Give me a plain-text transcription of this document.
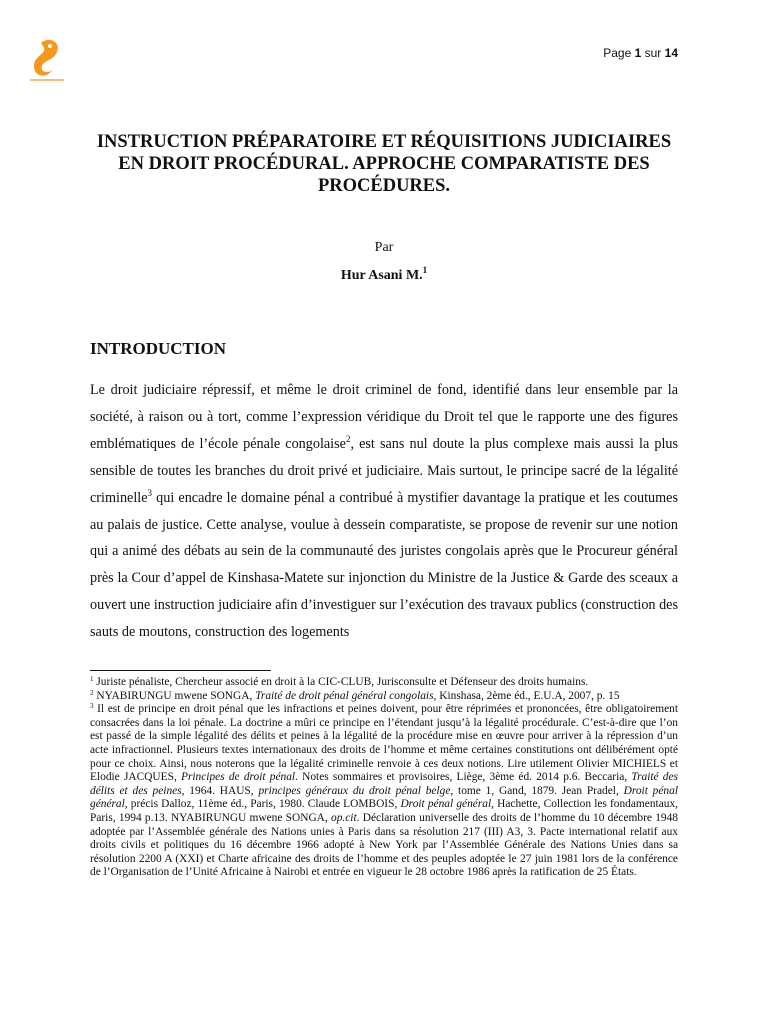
Page 1 sur 14
INSTRUCTION PRÉPARATOIRE ET RÉQUISITIONS JUDICIAIRES EN DROIT PROCÉDURAL. APPROCHE COMPARATISTE DES PROCÉDURES.
Par
Hur Asani M.$^1$
INTRODUCTION
Le droit judiciaire répressif, et même le droit criminel de fond, identifié dans leur ensemble par la société, à raison ou à tort, comme l’expression véridique du Droit tel que le rapporte une des figures emblématiques de l’école pénale congolaise$^2$, est sans nul doute la plus complexe mais aussi la plus sensible de toutes les branches du droit privé et judiciaire. Mais surtout, le principe sacré de la légalité criminelle$^3$ qui encadre le domaine pénal a contribué à mystifier davantage la pratique et les coutumes au palais de justice. Cette analyse, voulue à dessein comparatiste, se propose de revenir sur une notion qui a animé des débats au sein de la communauté des juristes congolais après que le Procureur général près la Cour d’appel de Kinshasa-Matete sur injonction du Ministre de la Justice & Garde des sceaux a ouvert une instruction judiciaire afin d’investiguer sur l’exécution des travaux publics (construction des sauts de moutons, construction des logements

$^1$ Juriste pénaliste, Chercheur associé en droit à la CIC-CLUB, Jurisconsulte et Défenseur des droits humains.

$^2$ NYABIRUNGU mwene SONGA, Traité de droit pénal général congolais, Kinshasa, 2ème éd., E.U.A, 2007, p. 15

$^3$ Il est de principe en droit pénal que les infractions et peines doivent, pour être réprimées et prononcées, être obligatoirement consacrées dans la loi pénale. La doctrine a mûri ce principe en l’étendant jusqu’à la légalité procédurale. C’est-à-dire que l’on est passé de la simple légalité des délits et peines à la légalité de la procédure mise en œuvre pour arriver à la répression d’un acte infractionnel. Plusieurs textes internationaux des droits de l’homme et même certaines constitutions ont délibérément opté pour ce choix. Ainsi, nous noterons que la légalité criminelle renvoie à ces deux notions. Lire utilement Olivier MICHIELS et Elodie JACQUES, Principes de droit pénal. Notes sommaires et provisoires, Liège, 3ème éd. 2014 p.6. Beccaria, Traité des délits et des peines, 1964. HAUS, principes généraux du droit pénal belge, tome 1, Gand, 1879. Jean Pradel, Droit pénal général, précis Dalloz, 11ème éd., Paris, 1980. Claude LOMBOIS, Droit pénal général, Hachette, Collection les fondamentaux, Paris, 1994 p.13. NYABIRUNGU mwene SONGA, op.cit. Déclaration universelle des droits de l’homme du 10 décembre 1948 adoptée par l’Assemblée générale des Nations unies à Paris dans sa résolution 217 (III) A3, 3. Pacte international relatif aux droits civils et politiques du 16 décembre 1966 adopté à New York par l’Assemblée Générale des Nations Unies dans sa résolution 2200 A (XXI) et Charte africaine des droits de l’homme et des peuples adoptée le 27 juin 1981 lors de la conférence de l’Organisation de l’Unité Africaine à Nairobi et entrée en vigueur le 28 octobre 1986 après la ratification de 25 États.
